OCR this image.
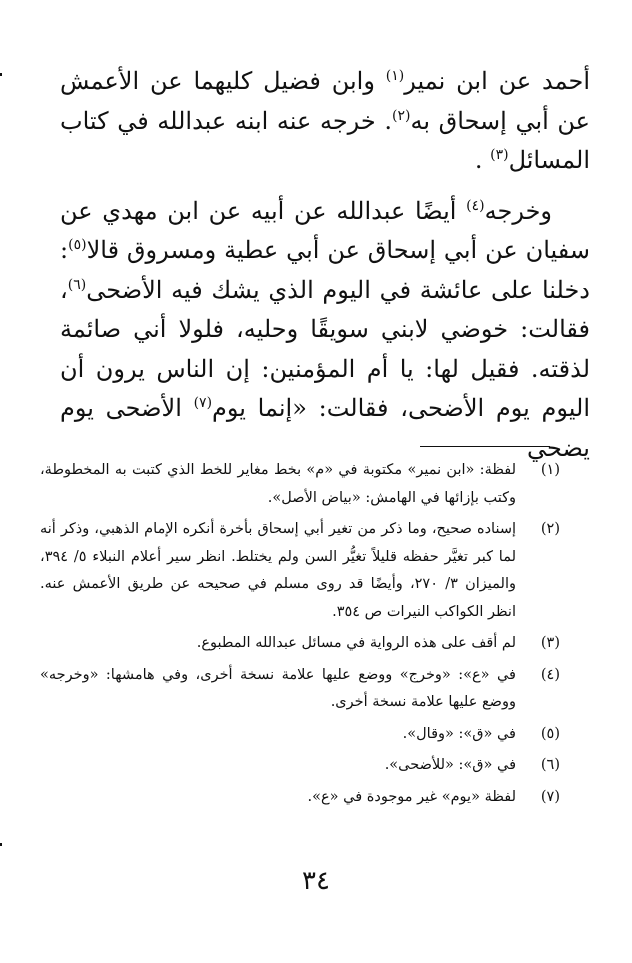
أحمد عن ابن نمير$^{(١)}$ وابن فضيل كليهما عن الأعمش عن أبي إسحاق به$^{(٢)}$. خرجه عنه ابنه عبدالله في كتاب المسائل$^{(٣)}$ .

وخرجه$^{(٤)}$ أيضًا عبدالله عن أبيه عن ابن مهدي عن سفيان عن أبي إسحاق عن أبي عطية ومسروق قالا$^{(٥)}$: دخلنا على عائشة في اليوم الذي يشك فيه الأضحى$^{(٦)}$، فقالت: خوضي لابني سويقًا وحليه، فلولا أني صائمة لذقته. فقيل لها: يا أم المؤمنين: إن الناس يرون أن اليوم يوم الأضحى، فقالت: «إنما يوم$^{(٧)}$ الأضحى يوم يضحي

(١)
لفظة: «ابن نمير» مكتوبة في «م» بخط مغاير للخط الذي كتبت به المخطوطة، وكتب بإزائها في الهامش: «بياض الأصل».
(٢)
إسناده صحيح، وما ذكر من تغير أبي إسحاق بأخرة أنكره الإمام الذهبي، وذكر أنه لما كبر تغيَّر حفظه قليلاً تغيُّر السن ولم يختلط. انظر سير أعلام النبلاء ٥/ ٣٩٤، والميزان ٣/ ٢٧٠، وأيضًا قد روى مسلم في صحيحه عن طريق الأعمش عنه. انظر الكواكب النيرات ص ٣٥٤.
(٣)
لم أقف على هذه الرواية في مسائل عبدالله المطبوع.
(٤)
في «ع»: «وخرج» ووضع عليها علامة نسخة أخرى، وفي هامشها: «وخرجه» ووضع عليها علامة نسخة أخرى.
(٥)
في «ق»: «وقال».
(٦)
في «ق»: «للأضحى».
(٧)
لفظة «يوم» غير موجودة في «ع».
٣٤
